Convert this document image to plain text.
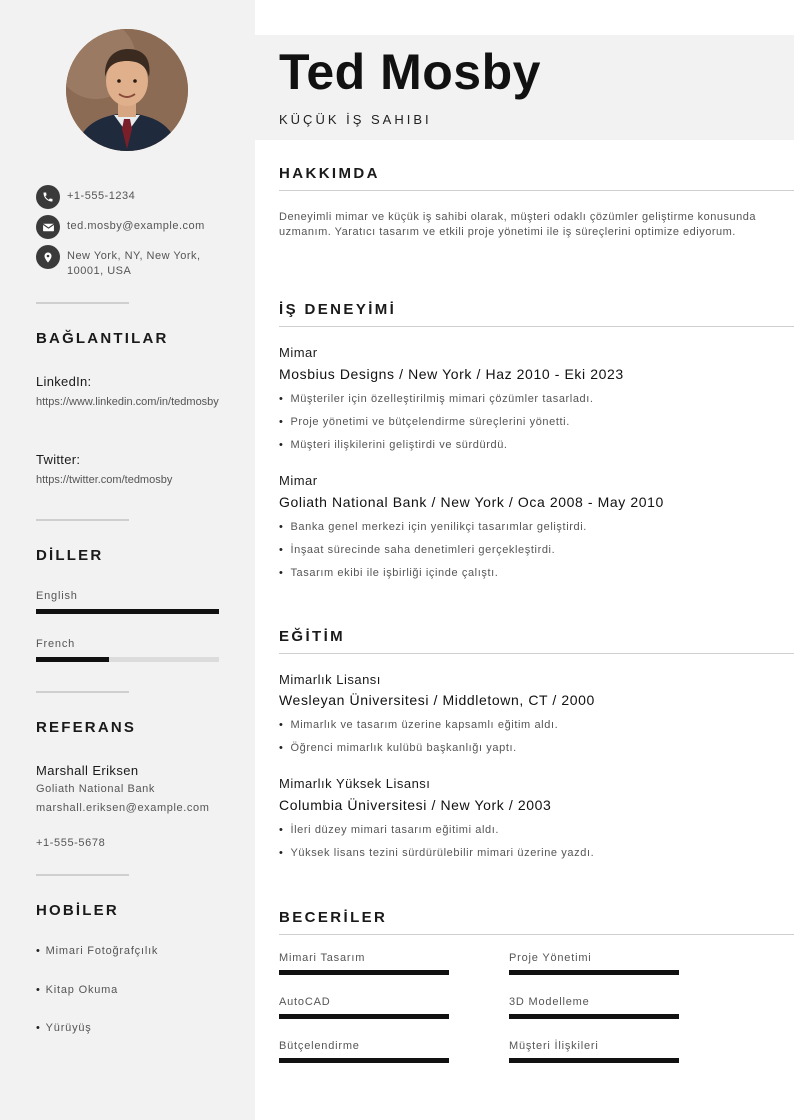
+1-555-1234
ted.mosby@example.com
New York, NY, New York,
10001, USA
BAĞLANTILAR
LinkedIn:
https://www.linkedin.com/in/tedmosby
Twitter:
https://twitter.com/tedmosby
DİLLER
English
French
REFERANS
Marshall Eriksen
Goliath National Bank
marshall.eriksen@example.com
+1-555-5678
HOBİLER
• Mimari Fotoğrafçılık
• Kitap Okuma
• Yürüyüş
Ted Mosby
KÜÇÜK İŞ SAHIBI
HAKKIMDA
Deneyimli mimar ve küçük iş sahibi olarak, müşteri odaklı çözümler geliştirme konusunda uzmanım. Yaratıcı tasarım ve etkili proje yönetimi ile iş süreçlerini optimize ediyorum.
İŞ DENEYİMİ
Mimar
Mosbius Designs / New York / Haz 2010 - Eki 2023
• Müşteriler için özelleştirilmiş mimari çözümler tasarladı.
• Proje yönetimi ve bütçelendirme süreçlerini yönetti.
• Müşteri ilişkilerini geliştirdi ve sürdürdü.
Mimar
Goliath National Bank / New York / Oca 2008 - May 2010
• Banka genel merkezi için yenilikçi tasarımlar geliştirdi.
• İnşaat sürecinde saha denetimleri gerçekleştirdi.
• Tasarım ekibi ile işbirliği içinde çalıştı.
EĞİTİM
Mimarlık Lisansı
Wesleyan Üniversitesi / Middletown, CT / 2000
• Mimarlık ve tasarım üzerine kapsamlı eğitim aldı.
• Öğrenci mimarlık kulübü başkanlığı yaptı.
Mimarlık Yüksek Lisansı
Columbia Üniversitesi / New York / 2003
• İleri düzey mimari tasarım eğitimi aldı.
• Yüksek lisans tezini sürdürülebilir mimari üzerine yazdı.
BECERİLER
Mimari Tasarım	Proje Yönetimi
AutoCAD	3D Modelleme
Bütçelendirme	Müşteri İlişkileri
